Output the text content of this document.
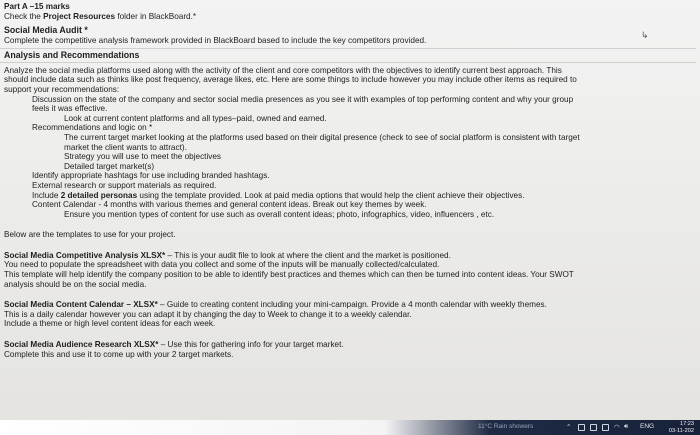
Part A –15 marks
Check the Project Resources folder in BlackBoard.*
Social Media Audit *
Complete the competitive analysis framework provided in BlackBoard based to include the key competitors provided.
Analysis and Recommendations
Analyze the social media platforms used along with the activity of the client and core competitors with the objectives to identify current best approach. This
should include data such as thinks like post frequency, average likes, etc. Here are some things to include however you may include other items as required to
support your recommendations:
• Discussion on the state of the company and sector social media presences as you see it with examples of top performing content and why your group
• feels it was effective.
• Look at current content platforms and all types–paid, owned and earned.
• Recommendations and logic on *
• The current target market looking at the platforms used based on their digital presence (check to see of social platform is consistent with target
• market the client wants to attract).
• Strategy you will use to meet the objectives
• Detailed target market(s)
• Identify appropriate hashtags for use including branded hashtags.
• External research or support materials as required.
• Include 2 detailed personas using the template provided. Look at paid media options that would help the client achieve their objectives.
• Content Calendar - 4 months with various themes and general content ideas. Break out key themes by week.
◦ Ensure you mention types of content for use such as overall content ideas; photo, infographics, video, influencers , etc.
Below are the templates to use for your project.
Social Media Competitive Analysis XLSX* – This is your audit file to look at where the client and the market is positioned.
You need to populate the spreadsheet with data you collect and some of the inputs will be manually collected/calculated.
This template will help identify the company position to be able to identify best practices and themes which can then be turned into content ideas. Your SWOT
analysis should be on the social media.
Social Media Content Calendar – XLSX* – Guide to creating content including your mini-campaign. Provide a 4 month calendar with weekly themes.
This is a daily calendar however you can adapt it by changing the day to Week to change it to a weekly calendar.
Include a theme or high level content ideas for each week.
Social Media Audience Research XLSX* – Use this for gathering info for your target market.
Complete this and use it to come up with your 2 target markets.
↳
11°C Rain showers	⌃	◠ 🔊︎ ENG	17:23
03-11-202
